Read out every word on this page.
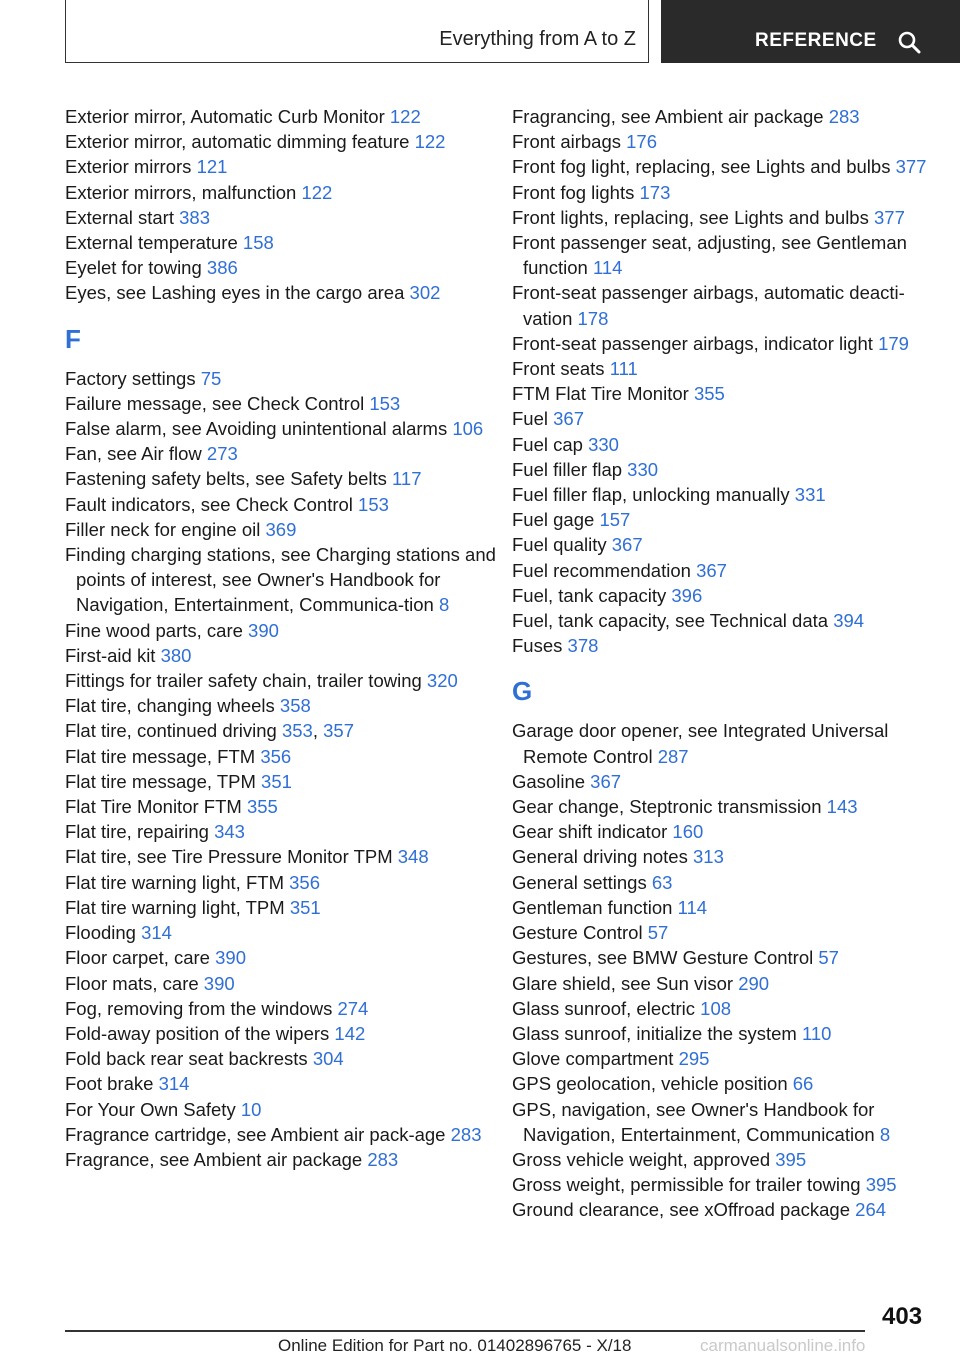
Everything from A to Z	REFERENCE
Exterior mirror, Automatic Curb Monitor 122
Exterior mirror, automatic dimming feature 122
Exterior mirrors 121
Exterior mirrors, malfunction 122
External start 383
External temperature 158
Eyelet for towing 386
Eyes, see Lashing eyes in the cargo area 302
F
Factory settings 75
Failure message, see Check Control 153
False alarm, see Avoiding unintentional alarms 106
Fan, see Air flow 273
Fastening safety belts, see Safety belts 117
Fault indicators, see Check Control 153
Filler neck for engine oil 369
Finding charging stations, see Charging stations and points of interest, see Owner's Handbook for Navigation, Entertainment, Communica-tion 8
Fine wood parts, care 390
First-aid kit 380
Fittings for trailer safety chain, trailer towing 320
Flat tire, changing wheels 358
Flat tire, continued driving 353, 357
Flat tire message, FTM 356
Flat tire message, TPM 351
Flat Tire Monitor FTM 355
Flat tire, repairing 343
Flat tire, see Tire Pressure Monitor TPM 348
Flat tire warning light, FTM 356
Flat tire warning light, TPM 351
Flooding 314
Floor carpet, care 390
Floor mats, care 390
Fog, removing from the windows 274
Fold-away position of the wipers 142
Fold back rear seat backrests 304
Foot brake 314
For Your Own Safety 10
Fragrance cartridge, see Ambient air pack-age 283
Fragrance, see Ambient air package 283
Fragrancing, see Ambient air package 283
Front airbags 176
Front fog light, replacing, see Lights and bulbs 377
Front fog lights 173
Front lights, replacing, see Lights and bulbs 377
Front passenger seat, adjusting, see Gentleman function 114
Front-seat passenger airbags, automatic deacti-vation 178
Front-seat passenger airbags, indicator light 179
Front seats 111
FTM Flat Tire Monitor 355
Fuel 367
Fuel cap 330
Fuel filler flap 330
Fuel filler flap, unlocking manually 331
Fuel gage 157
Fuel quality 367
Fuel recommendation 367
Fuel, tank capacity 396
Fuel, tank capacity, see Technical data 394
Fuses 378
G
Garage door opener, see Integrated Universal Remote Control 287
Gasoline 367
Gear change, Steptronic transmission 143
Gear shift indicator 160
General driving notes 313
General settings 63
Gentleman function 114
Gesture Control 57
Gestures, see BMW Gesture Control 57
Glare shield, see Sun visor 290
Glass sunroof, electric 108
Glass sunroof, initialize the system 110
Glove compartment 295
GPS geolocation, vehicle position 66
GPS, navigation, see Owner's Handbook for Navigation, Entertainment, Communication 8
Gross vehicle weight, approved 395
Gross weight, permissible for trailer towing 395
Ground clearance, see xOffroad package 264
403
Online Edition for Part no. 01402896765 - X/18	carmanualsonline.info
